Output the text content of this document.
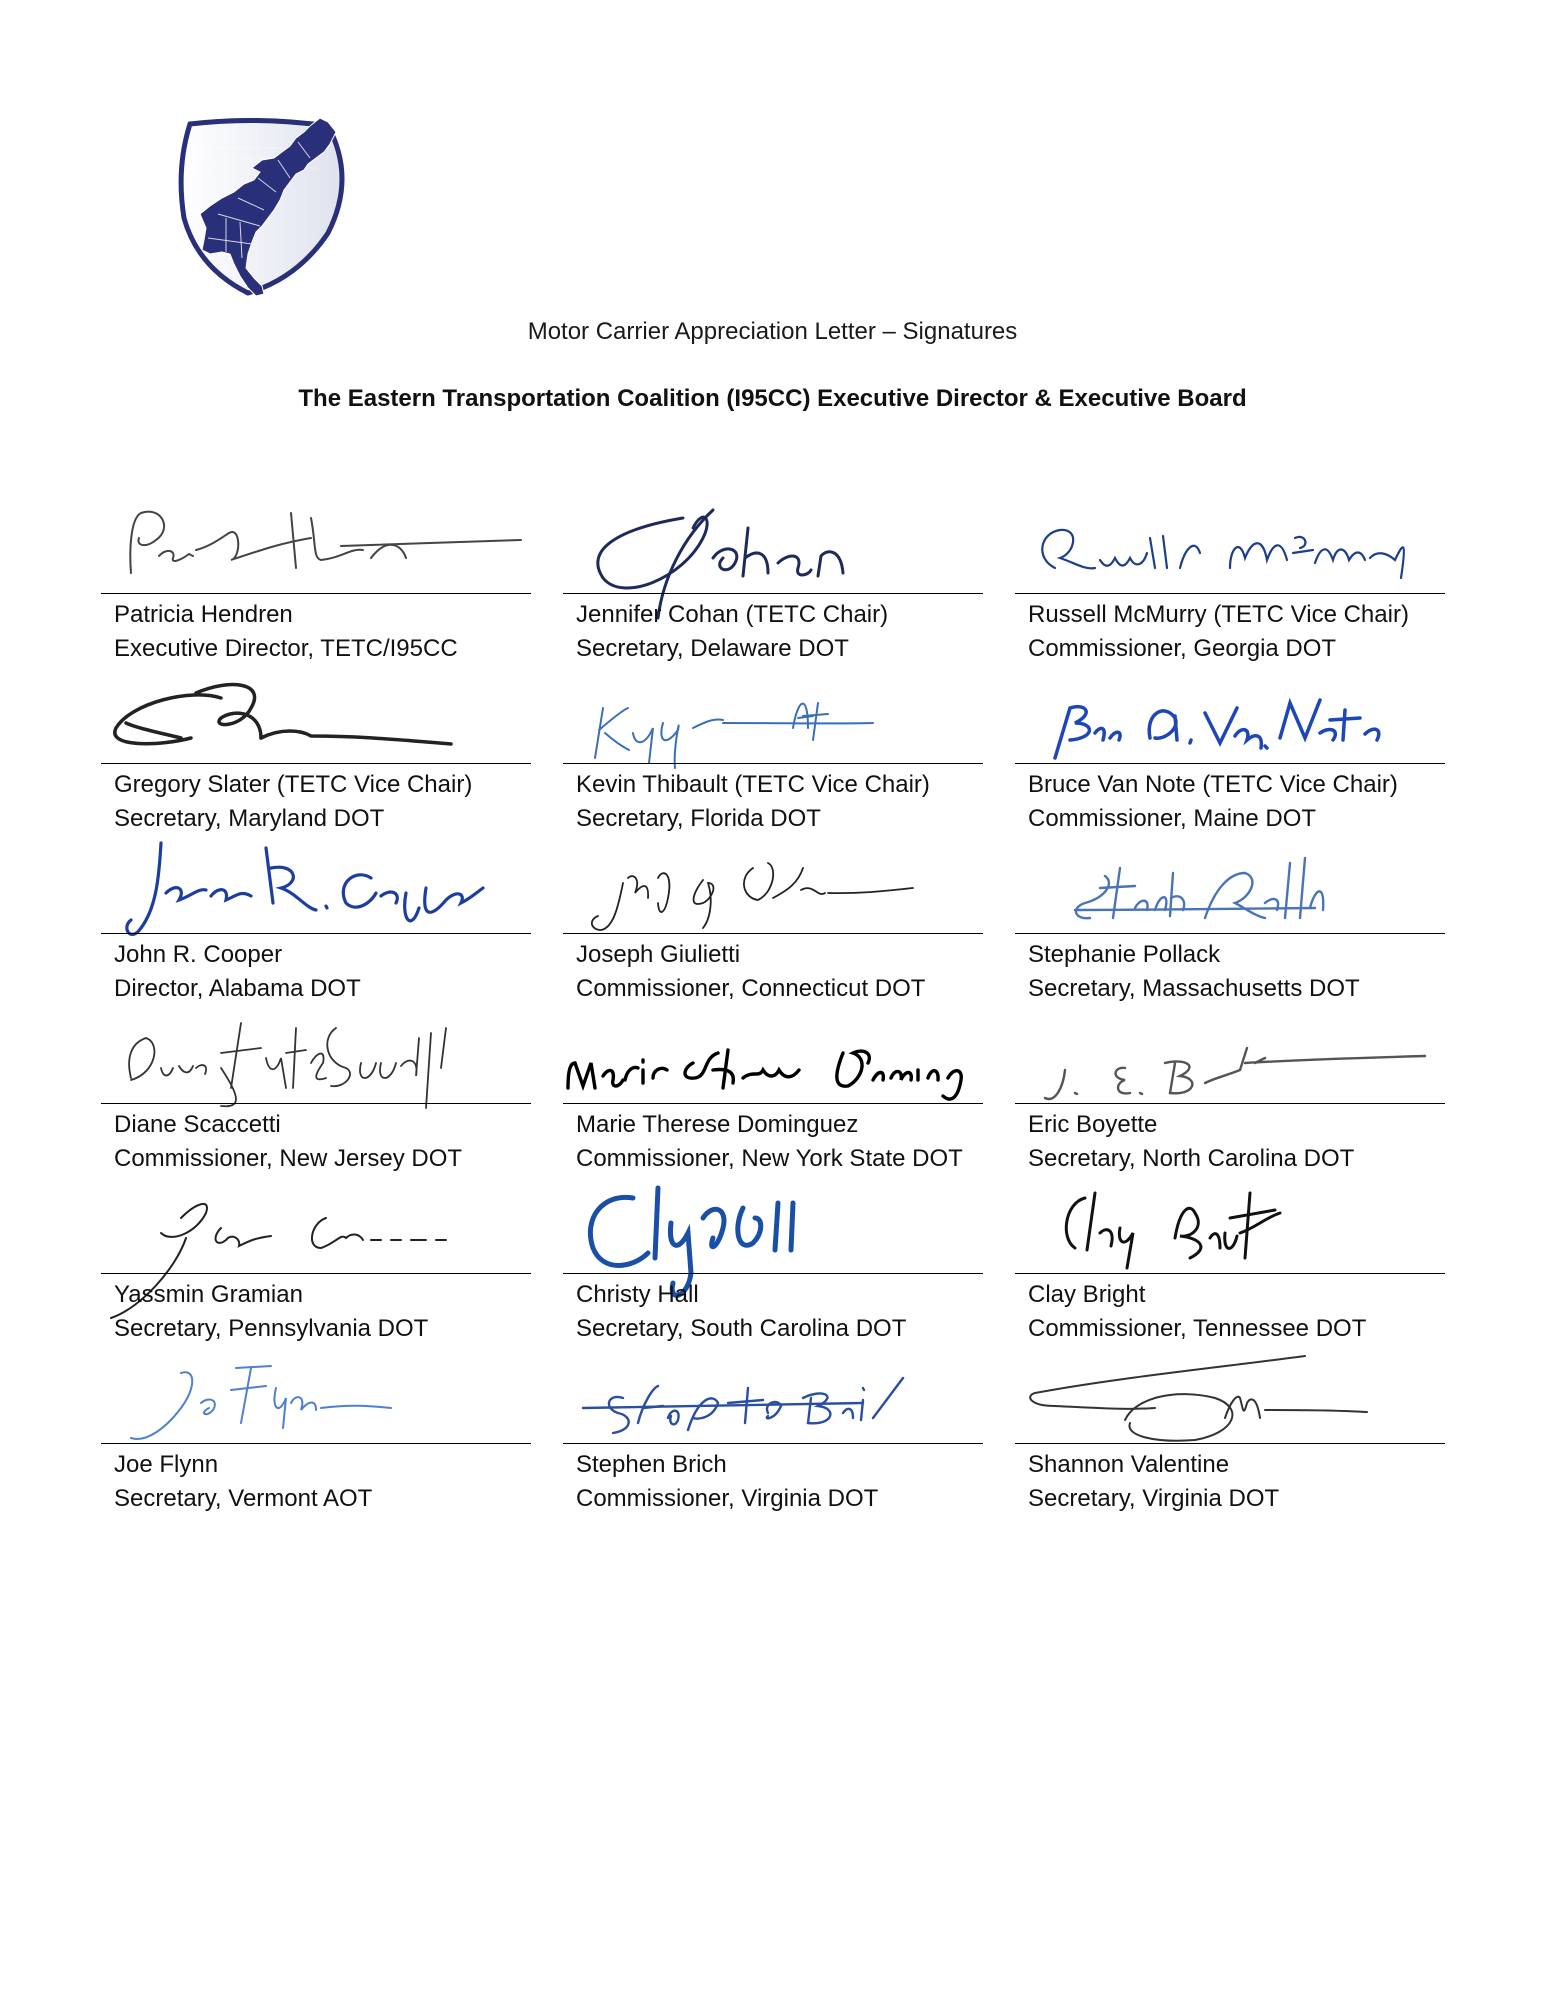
Motor Carrier Appreciation Letter – Signatures
The Eastern Transportation Coalition (I95CC) Executive Director & Executive Board
Patricia Hendren
Executive Director, TETC/I95CC
Jennifer Cohan (TETC Chair)
Secretary, Delaware DOT
Russell McMurry (TETC Vice Chair)
Commissioner, Georgia DOT
Gregory Slater (TETC Vice Chair)
Secretary, Maryland DOT
Kevin Thibault (TETC Vice Chair)
Secretary, Florida DOT
Bruce Van Note (TETC Vice Chair)
Commissioner, Maine DOT
John R. Cooper
Director, Alabama DOT
Joseph Giulietti
Commissioner, Connecticut DOT
Stephanie Pollack
Secretary, Massachusetts DOT
Diane Scaccetti
Commissioner, New Jersey DOT
Marie Therese Dominguez
Commissioner, New York State DOT
Eric Boyette
Secretary, North Carolina DOT
Yassmin Gramian
Secretary, Pennsylvania DOT
Christy Hall
Secretary, South Carolina DOT
Clay Bright
Commissioner, Tennessee DOT
Joe Flynn
Secretary, Vermont AOT
Stephen Brich
Commissioner, Virginia DOT
Shannon Valentine
Secretary, Virginia DOT
